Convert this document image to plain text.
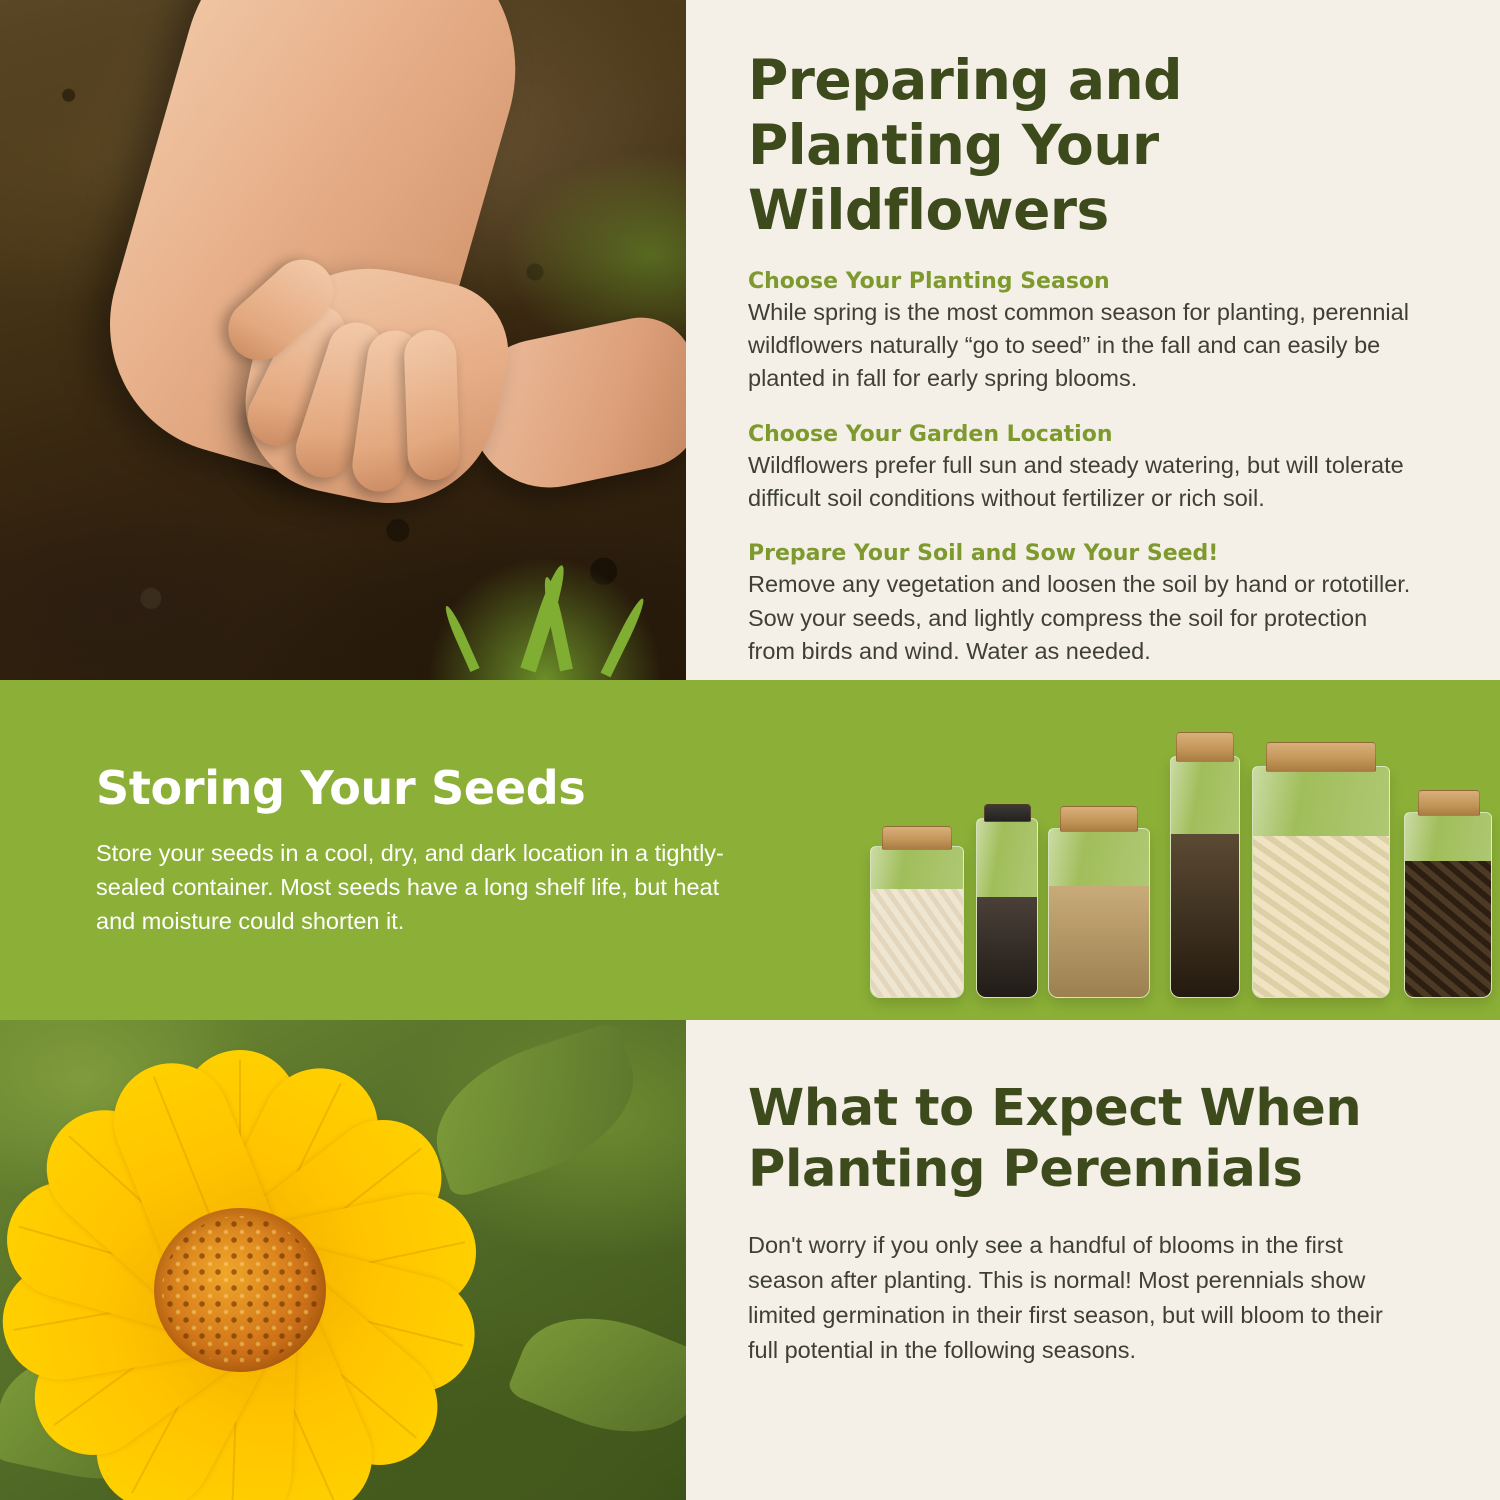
Preparing and Planting Your Wildflowers

Choose Your Planting Season

While spring is the most common season for planting, perennial wildflowers naturally “go to seed” in the fall and can easily be planted in fall for early spring blooms.

Choose Your Garden Location

Wildflowers prefer full sun and steady watering, but will tolerate difficult soil conditions without fertilizer or rich soil.

Prepare Your Soil and Sow Your Seed!

Remove any vegetation and loosen the soil by hand or rototiller. Sow your seeds, and lightly compress the soil for protection from birds and wind. Water as needed.

Storing Your Seeds

Store your seeds in a cool, dry, and dark location in a tightly-sealed container. Most seeds have a long shelf life, but heat and moisture could shorten it.

What to Expect When Planting Perennials

Don't worry if you only see a handful of blooms in the first season after planting. This is normal! Most perennials show limited germination in their first season, but will bloom to their full potential in the following seasons.
